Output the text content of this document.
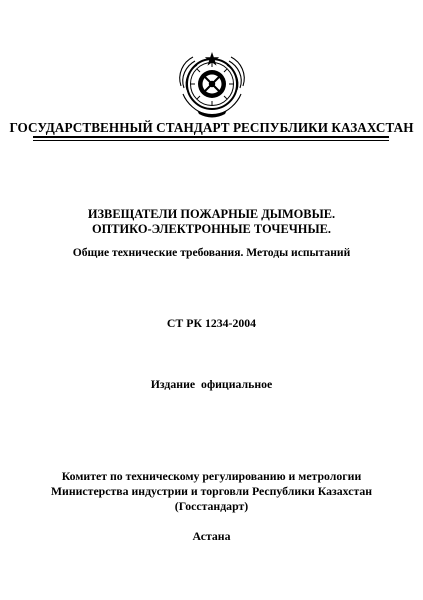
ГОСУДАРСТВЕННЫЙ СТАНДАРТ РЕСПУБЛИКИ КАЗАХСТАН
ИЗВЕЩАТЕЛИ ПОЖАРНЫЕ ДЫМОВЫЕ.
ОПТИКО-ЭЛЕКТРОННЫЕ ТОЧЕЧНЫЕ.
Общие технические требования. Методы испытаний
СТ РК 1234-2004
Издание официальное
Комитет по техническому регулированию и метрологии
Министерства индустрии и торговли Республики Казахстан
(Госстандарт)
Астана
